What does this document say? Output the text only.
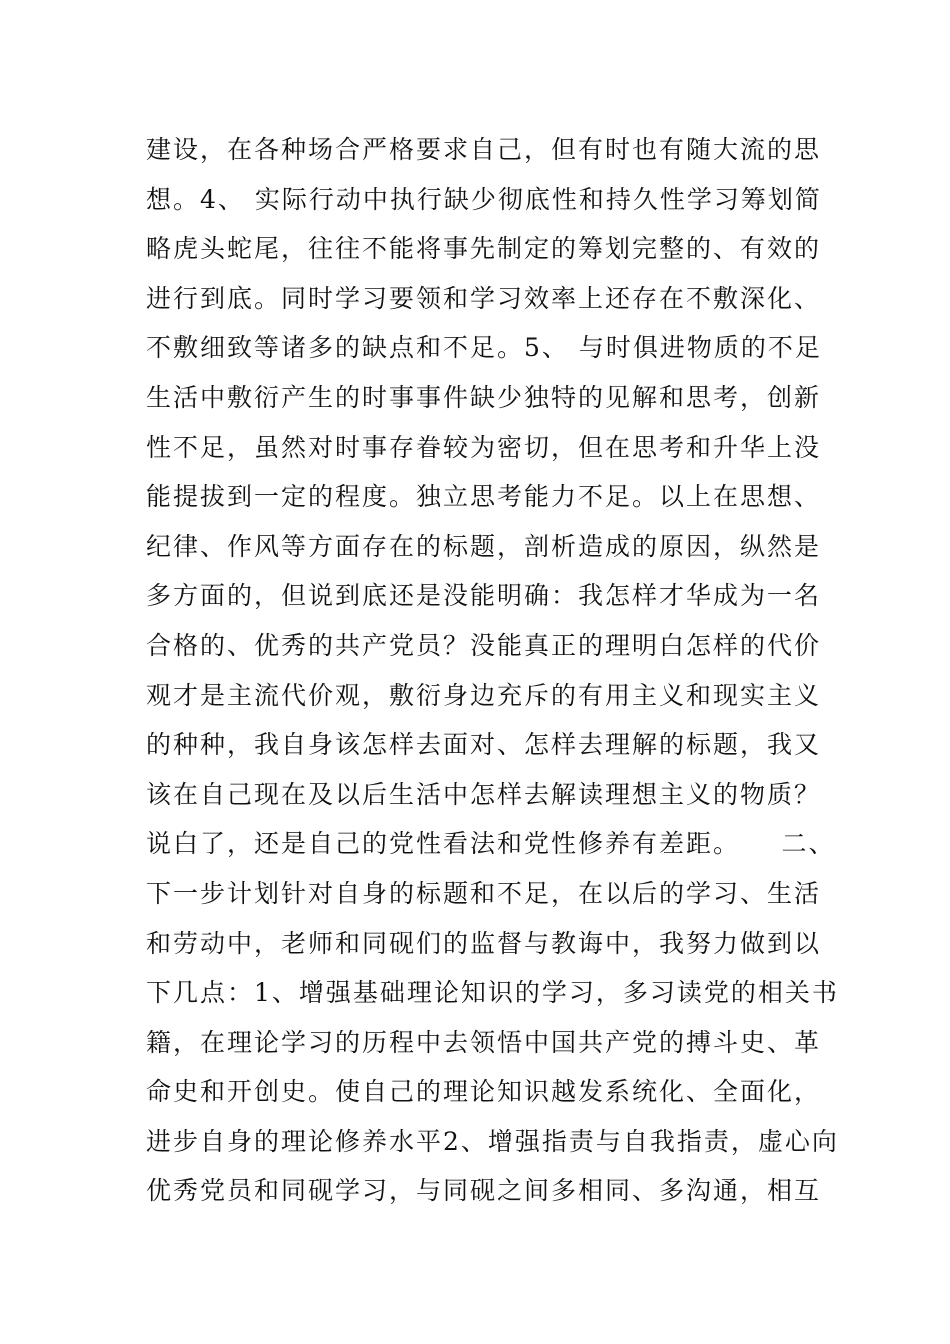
建设，在各种场合严格要求自己，但有时也有随大流的思
想。4、 实际行动中执行缺少彻底性和持久性学习筹划简
略虎头蛇尾，往往不能将事先制定的筹划完整的、有效的
进行到底。同时学习要领和学习效率上还存在不敷深化、
不敷细致等诸多的缺点和不足。5、 与时俱进物质的不足
生活中敷衍产生的时事事件缺少独特的见解和思考，创新
性不足，虽然对时事存眷较为密切，但在思考和升华上没
能提拔到一定的程度。独立思考能力不足。以上在思想、
纪律、作风等方面存在的标题，剖析造成的原因，纵然是
多方面的，但说到底还是没能明确：我怎样才华成为一名
合格的、优秀的共产党员？没能真正的理明白怎样的代价
观才是主流代价观，敷衍身边充斥的有用主义和现实主义
的种种，我自身该怎样去面对、怎样去理解的标题，我又
该在自己现在及以后生活中怎样去解读理想主义的物质？
说白了，还是自己的党性看法和党性修养有差距。　　二、
下一步计划针对自身的标题和不足，在以后的学习、生活
和劳动中，老师和同砚们的监督与教诲中，我努力做到以
下几点：1、增强基础理论知识的学习，多习读党的相关书
籍，在理论学习的历程中去领悟中国共产党的搏斗史、革
命史和开创史。使自己的理论知识越发系统化、全面化，
进步自身的理论修养水平2、增强指责与自我指责，虚心向
优秀党员和同砚学习，与同砚之间多相同、多沟通，相互
